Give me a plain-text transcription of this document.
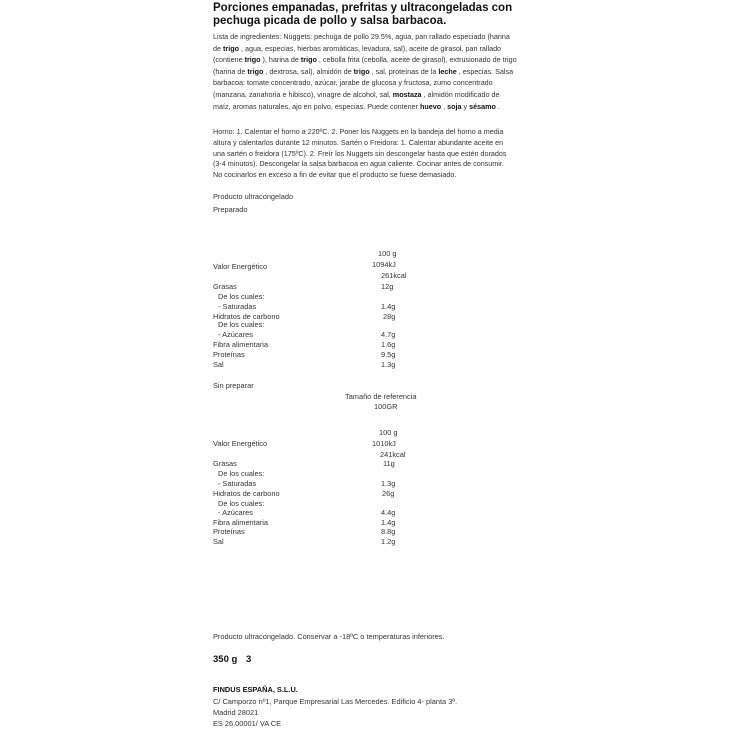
Porciones empanadas, prefritas y ultracongeladas con
pechuga picada de pollo y salsa barbacoa.
Lista de ingredientes: Nuggets: pechuga de pollo 29.5%, agua, pan rallado especiado (harina de trigo , agua, especias, hierbas aromáticas, levadura, sal), aceite de girasol, pan rallado (contiene trigo ), harina de trigo , cebolla frita (cebolla, aceite de girasol), extrusionado de trigo (harina de trigo , dextrosa, sal), almidón de trigo , sal, proteínas de la leche , especias. Salsa barbacoa: tomate concentrado, azúcar, jarabe de glucosa y fructosa, zumo concentrado (manzana, zanahoria e hibisco), vinagre de alcohol, sal, mostaza , almidón modificado de maíz, aromas naturales, ajo en polvo, especias. Puede contener huevo , soja y sésamo .
Horno: 1. Calentar el horno a 220ºC. 2. Poner los Nuggets en la bandeja del horno a media altura y calentarlos durante 12 minutos. Sartén o Freidora: 1. Calentar abundante aceite en una sartén o freidora (175ºC). 2. Freír los Nuggets sin descongelar hasta que estén dorados (3-4 minutos). Descongelar la salsa barbacoa en agua caliente. Cocinar antes de consumir. No cocinarlos en exceso a fin de evitar que el producto se fuese demasiado.
Producto ultracongelado
Preparado
100 g
Valor Energético	1094kJ
261kcal
Grasas	12g
De los cuales:
- Saturadas	1.4g
Hidratos de carbono	28g
De los cuales:
- Azúcares	4.7g
Fibra alimentaria	1.6g
Proteínas	9.5g
Sal	1.3g
Sin preparar
Tamaño de referencia
100GR
100 g
Valor Energético	1010kJ
241kcal
Grasas	11g
De los cuales:
- Saturadas	1.3g
Hidratos de carbono	26g
De los cuales:
- Azúcares	4.4g
Fibra alimentaria	1.4g
Proteínas	8.8g
Sal	1.2g
Producto ultracongelado. Conservar a -18ºC o temperaturas inferiores.
350 g 3
FINDUS ESPAÑA, S.L.U.
C/ Camporzo nº1, Parque Empresarial Las Mercedes. Edificio 4- planta 3ª.
Madrid 28021
ES 26.00001/ VA CE
